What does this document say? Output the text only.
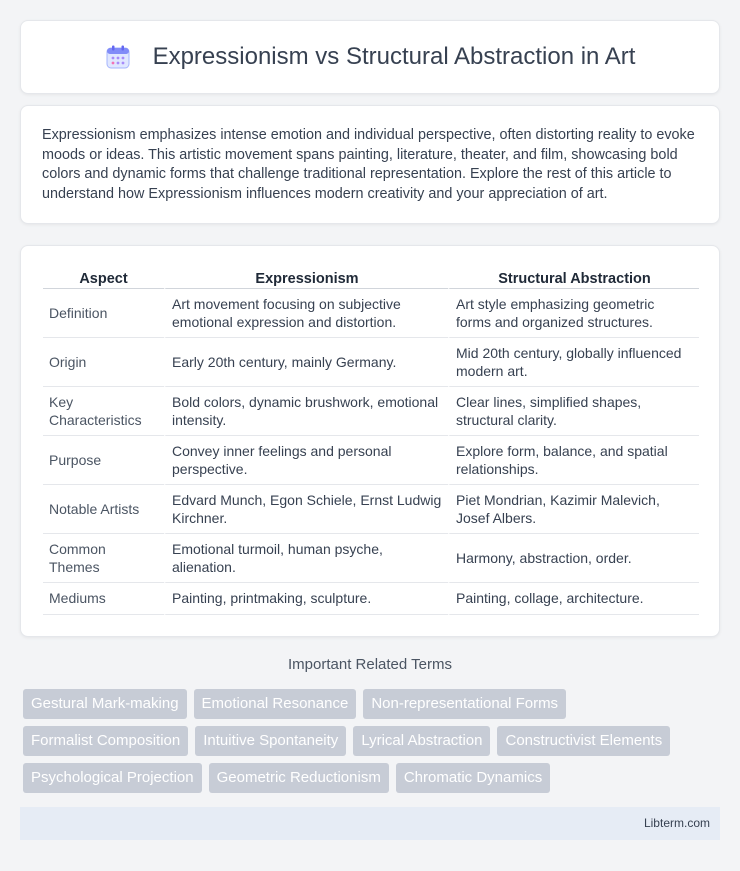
Expressionism vs Structural Abstraction in Art

Expressionism emphasizes intense emotion and individual perspective, often distorting reality to evoke moods or ideas. This artistic movement spans painting, literature, theater, and film, showcasing bold colors and dynamic forms that challenge traditional representation. Explore the rest of this article to understand how Expressionism influences modern creativity and your appreciation of art.

Aspect	Expressionism	Structural Abstraction
Definition	Art movement focusing on subjective emotional expression and distortion.	Art style emphasizing geometric forms and organized structures.
Origin	Early 20th century, mainly Germany.	Mid 20th century, globally influenced modern art.
Key Characteristics	Bold colors, dynamic brushwork, emotional intensity.	Clear lines, simplified shapes, structural clarity.
Purpose	Convey inner feelings and personal perspective.	Explore form, balance, and spatial relationships.
Notable Artists	Edvard Munch, Egon Schiele, Ernst Ludwig Kirchner.	Piet Mondrian, Kazimir Malevich, Josef Albers.
Common Themes	Emotional turmoil, human psyche, alienation.	Harmony, abstraction, order.
Mediums	Painting, printmaking, sculpture.	Painting, collage, architecture.
Important Related Terms
Gestural Mark-making	Emotional Resonance	Non-representational Forms
Formalist Composition	Intuitive Spontaneity	Lyrical Abstraction	Constructivist Elements
Psychological Projection	Geometric Reductionism	Chromatic Dynamics
Libterm.com
